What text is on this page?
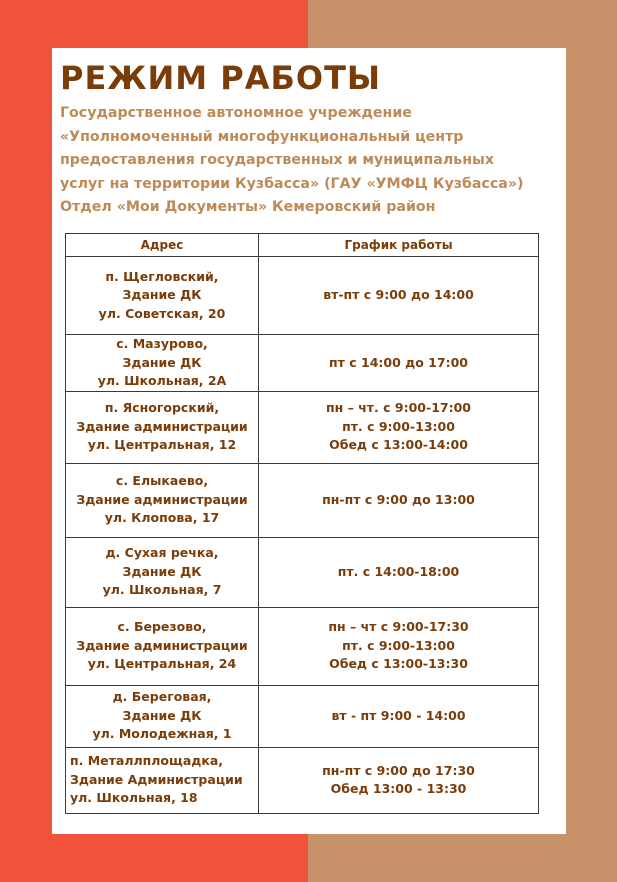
РЕЖИМ РАБОТЫ
Государственное автономное учреждение
«Уполномоченный многофункциональный центр
предоставления государственных и муниципальных
услуг на территории Кузбасса» (ГАУ «УМФЦ Кузбасса»)
Отдел «Мои Документы» Кемеровский район
Адрес	График работы

п. Щегловский,
Здание ДК
ул. Советская, 20	вт-пт с 9:00 до 14:00

с. Мазурово,
Здание ДК
ул. Школьная, 2А	пт с 14:00 до 17:00

п. Ясногорский,
Здание администрации
ул. Центральная, 12	пн – чт. с 9:00-17:00
пт. с 9:00-13:00
Обед с 13:00-14:00

с. Елыкаево,
Здание администрации
ул. Клопова, 17	пн-пт с 9:00 до 13:00

д. Сухая речка,
Здание ДК
ул. Школьная, 7	пт. с 14:00-18:00

с. Березово,
Здание администрации
ул. Центральная, 24	пн – чт с 9:00-17:30
пт. с 9:00-13:00
Обед с 13:00-13:30

д. Береговая,
Здание ДК
ул. Молодежная, 1	вт - пт 9:00 - 14:00

п. Металлплощадка,
Здание Администрации
ул. Школьная, 18	пн-пт с 9:00 до 17:30
Обед 13:00 - 13:30
